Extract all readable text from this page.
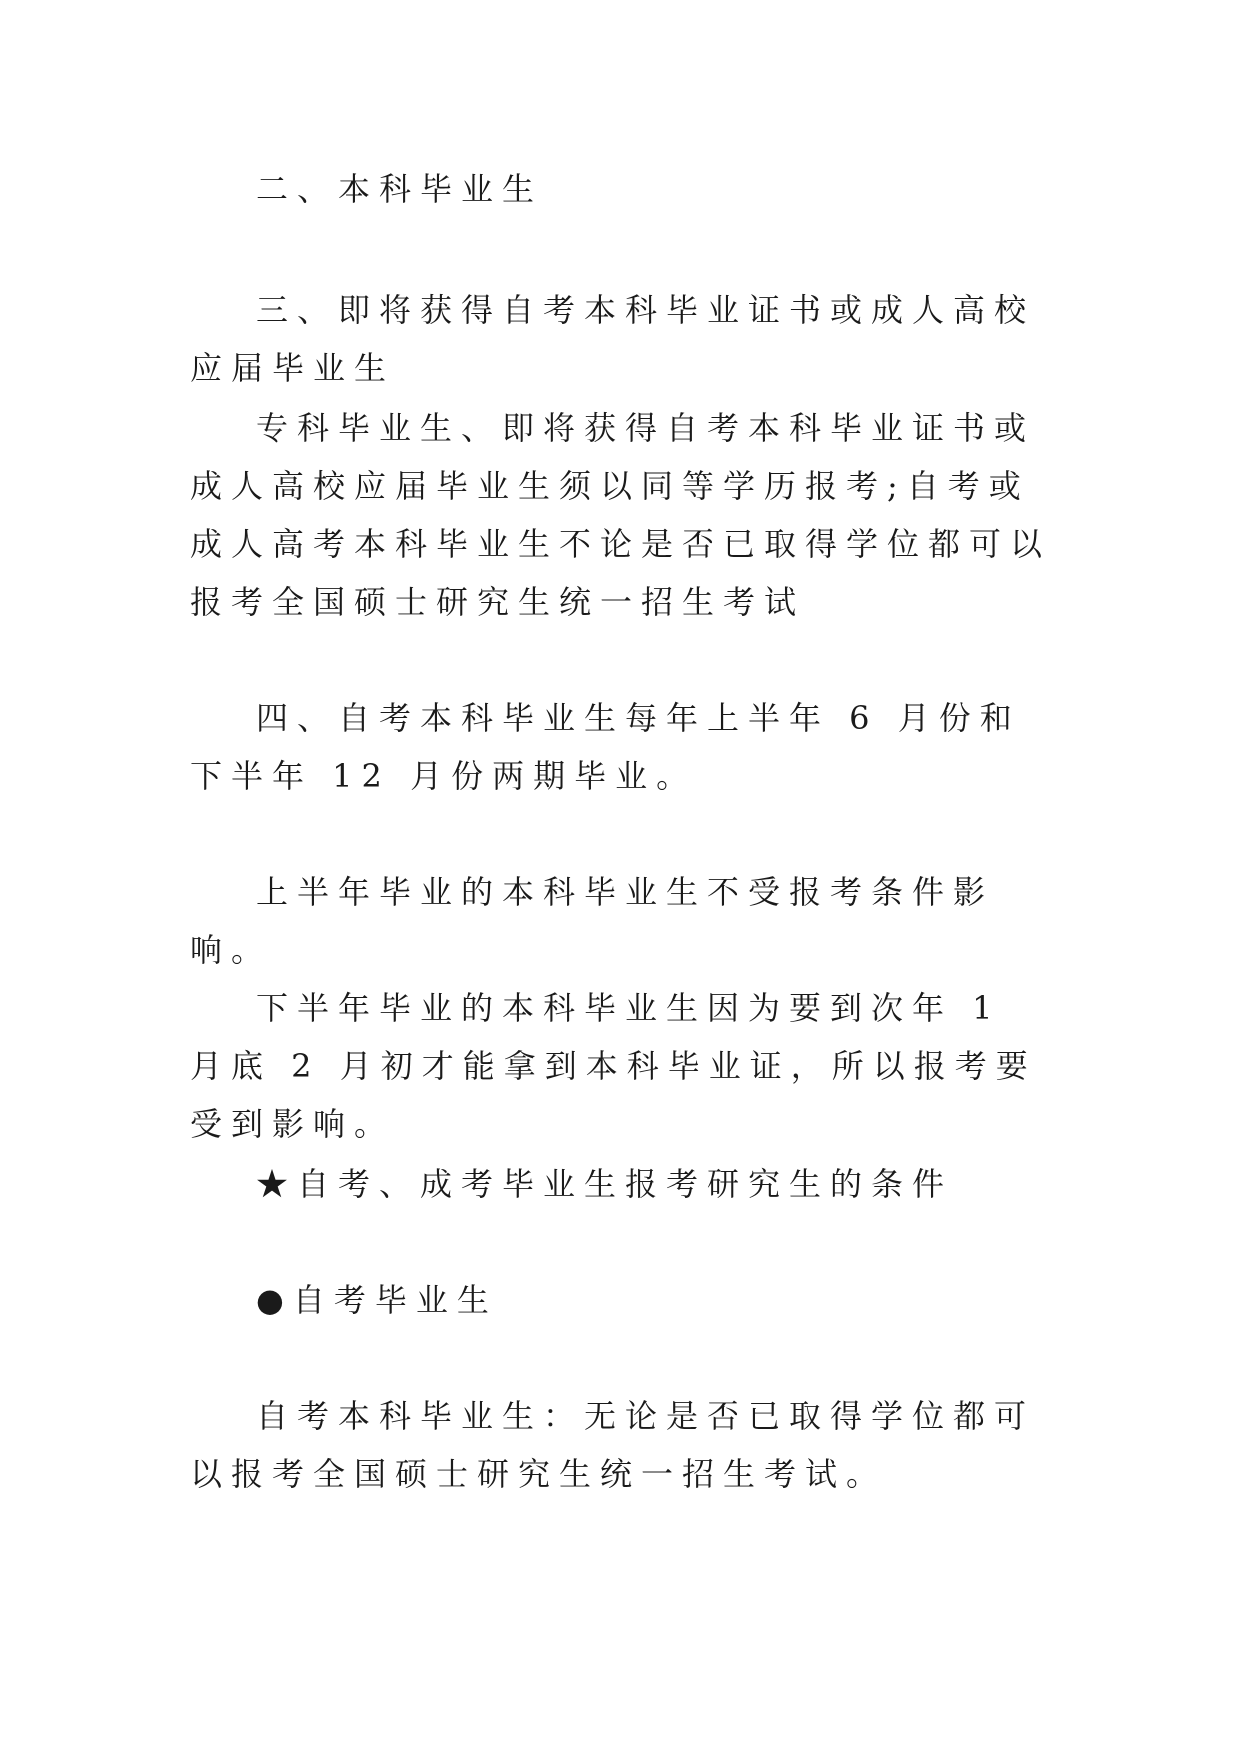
二、本科毕业生

三、即将获得自考本科毕业证书或成人高校应届毕业生

专科毕业生、即将获得自考本科毕业证书或成人高校应届毕业生须以同等学历报考;自考或成人高考本科毕业生不论是否已取得学位都可以报考全国硕士研究生统一招生考试

四、自考本科毕业生每年上半年 6 月份和下半年 12 月份两期毕业。

上半年毕业的本科毕业生不受报考条件影响。

下半年毕业的本科毕业生因为要到次年 1 月底 2 月初才能拿到本科毕业证，所以报考要受到影响。

★自考、成考毕业生报考研究生的条件

●自考毕业生

自考本科毕业生：无论是否已取得学位都可以报考全国硕士研究生统一招生考试。
